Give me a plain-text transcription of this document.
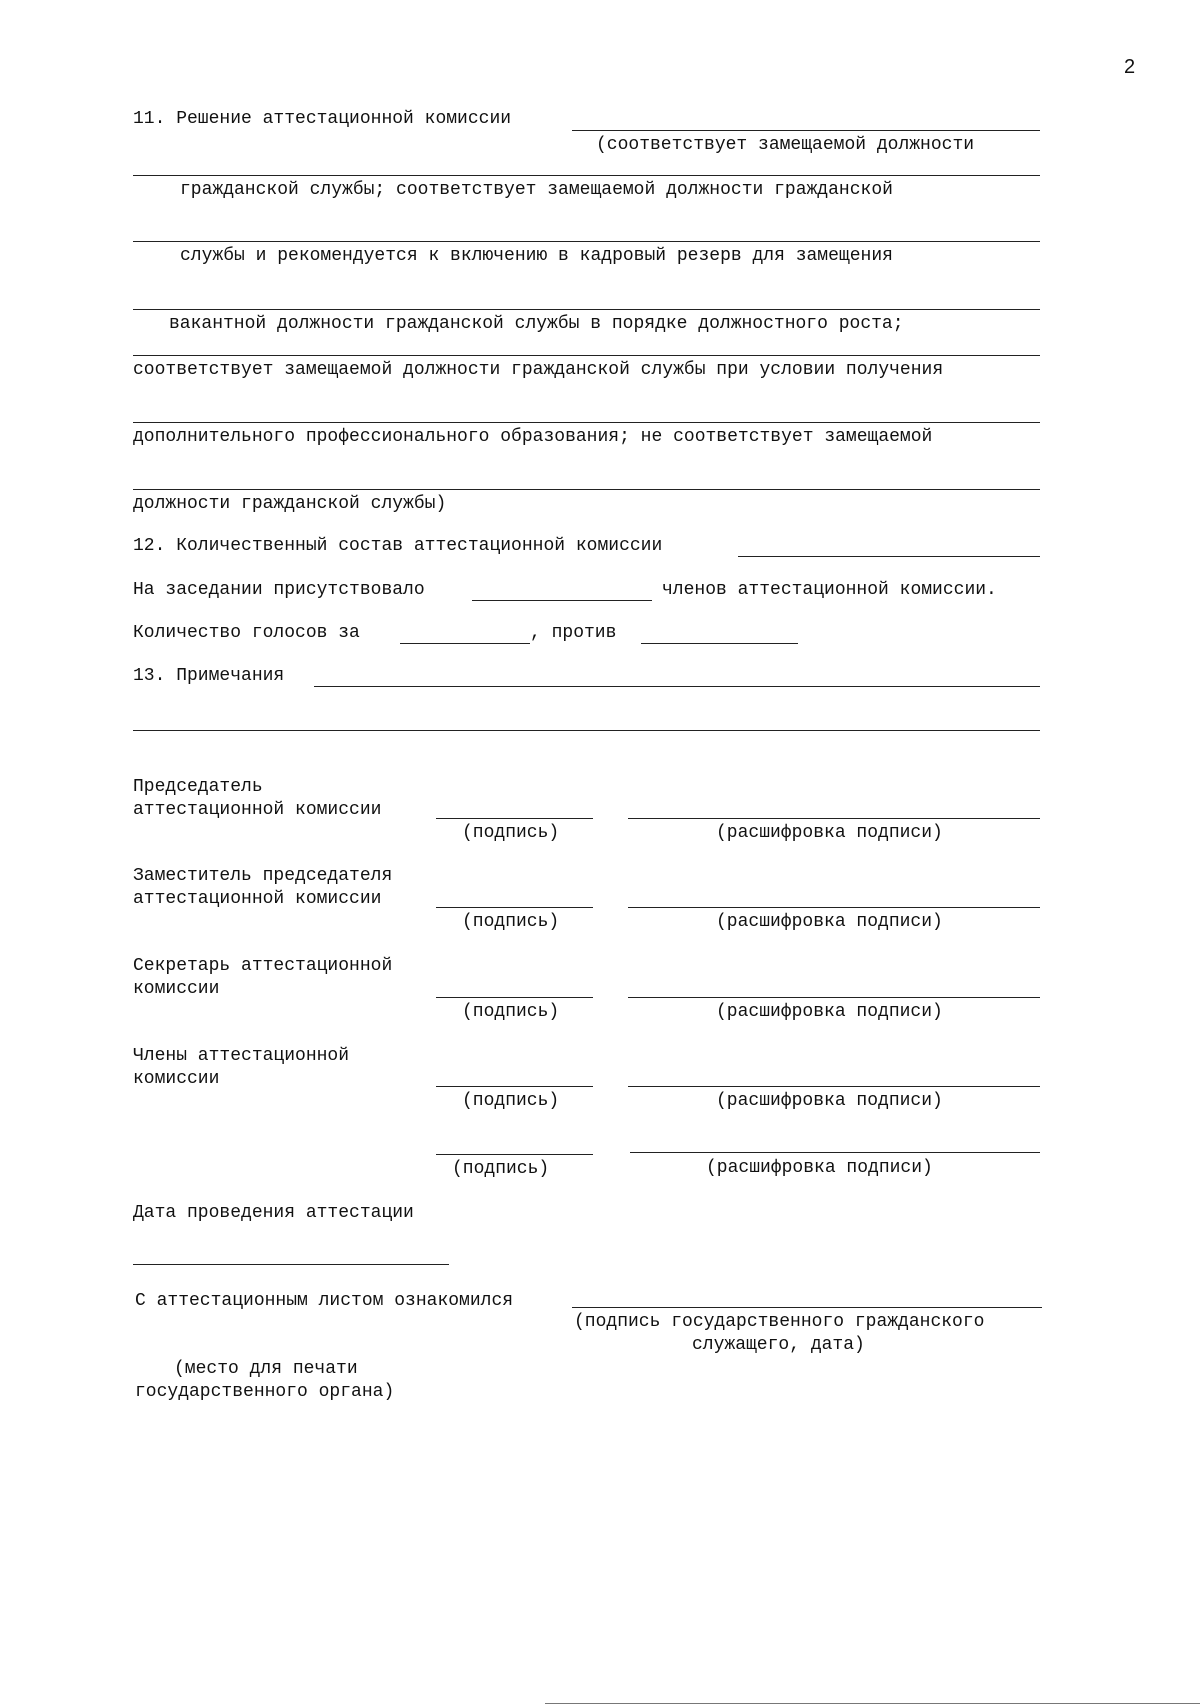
2
11. Решение аттестационной комиссии
(соответствует замещаемой должности
гражданской службы; соответствует замещаемой должности гражданской
службы и рекомендуется к включению в кадровый резерв для замещения
вакантной должности гражданской службы в порядке должностного роста;
соответствует замещаемой должности гражданской службы при условии получения
дополнительного профессионального образования; не соответствует замещаемой
должности гражданской службы)
12. Количественный состав аттестационной комиссии
На заседании присутствовало	членов аттестационной комиссии.
Количество голосов за	, против
13. Примечания
Председатель
аттестационной комиссии
(подпись)	(расшифровка подписи)
Заместитель председателя
аттестационной комиссии
(подпись)	(расшифровка подписи)
Секретарь аттестационной
комиссии
(подпись)	(расшифровка подписи)
Члены аттестационной
комиссии
(подпись)	(расшифровка подписи)
(подпись)	(расшифровка подписи)
Дата проведения аттестации
С аттестационным листом ознакомился
(подпись государственного гражданского
служащего, дата)
(место для печати
государственного органа)
